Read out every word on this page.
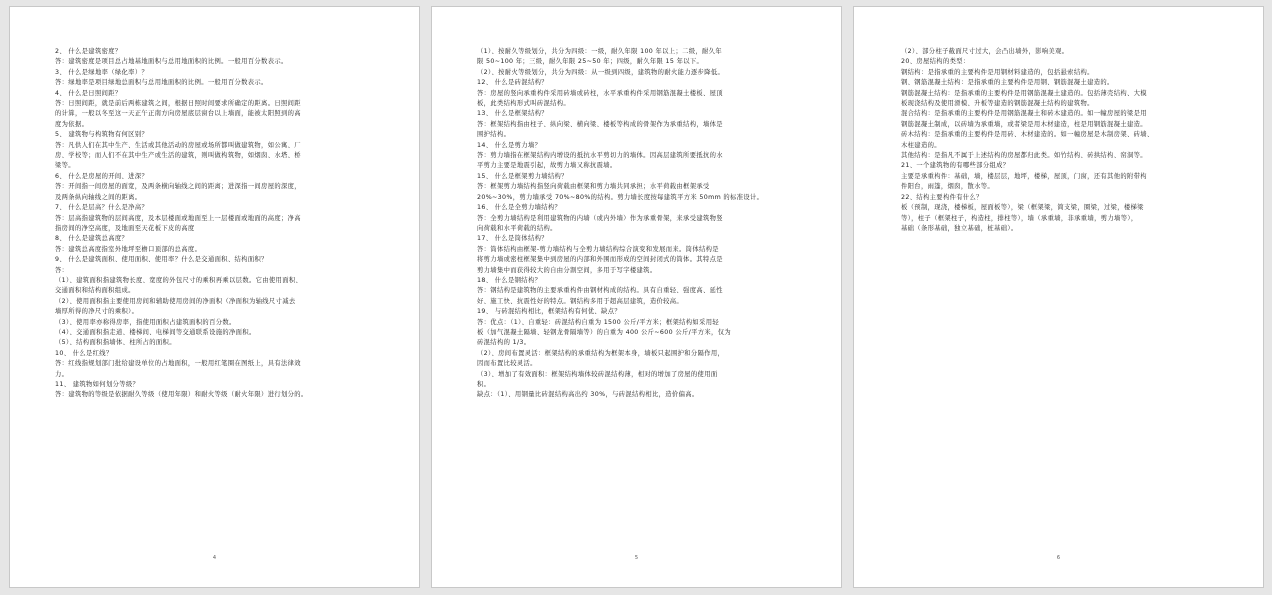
2、 什么是建筑密度？
答：建筑密度是项目总占地基地面积与总用地面积的比例。一般用百分数表示。
3、 什么是绿地率（绿化率）？
答：绿地率是项目绿地总面积与总用地面积的比例。一般用百分数表示。
4、 什么是日照间距？
答：日照间距，就是前后两栋建筑之间，根据日照时间要求所确定的距离。日照间距
的计算，一般以冬至这一天正午正南方向房屋底层窗台以上墙面，能被太阳照到的高
度为依据。
5、 建筑物与构筑物有何区别？
答：凡供人们在其中生产、生活或其他活动的房屋或场所都叫做建筑物，如公寓、厂
房、学校等；而人们不在其中生产或生活的建筑，则叫做构筑物，如烟囱、水塔、桥
梁等。
6、 什么是房屋的开间、进深？
答：开间指一间房屋的面宽，及两条横向轴线之间的距离；进深指一间房屋的深度，
及两条纵向轴线之间的距离。
7、 什么是层高？什么是净高？
答：层高指建筑物的层间高度，及本层楼面或地面至上一层楼面或地面的高度；净高
指房间的净空高度，及地面至天花板下皮的高度
8、 什么是建筑总高度？
答：建筑总高度指室外地坪至檐口顶部的总高度。
9、 什么是建筑面积、使用面积、使用率？什么是交通面积、结构面积？
答：
（1）、建筑面积指建筑物长度、宽度的外包尺寸的乘积再乘以层数。它由使用面积、
交通面积和结构面积组成。
（2）、使用面积指主要使用房间和辅助使用房间的净面积（净面积为轴线尺寸减去
墙厚所得的净尺寸的乘积）。
（3）、使用率亦称得房率，指使用面积占建筑面积的百分数。
（4）、交通面积指走道、楼梯间、电梯间等交通联系设施的净面积。
（5）、结构面积指墙体、柱所占的面积。
10、 什么是红线？
答：红线指规划部门批给建设单位的占地面积，一般用红笔圈在图纸上，具有法律效
力。
11、 建筑物如何划分等级？
答：建筑物的等级是依据耐久等级（使用年限）和耐火等级（耐火年限）进行划分的。
4
（1）、按耐久等级划分，共分为四级：一级，耐久年限 100 年以上；二级，耐久年
限 50~100 年；三级，耐久年限 25~50 年；四级，耐久年限 15 年以下。
（2）、按耐火等级划分，共分为四级：从一级到四级，建筑物的耐火能力逐步降低。
12、 什么是砖混结构？
答：房屋的竖向承重构件采用砖墙或砖柱，水平承重构件采用钢筋混凝土楼板、屋顶
板，此类结构形式叫砖混结构。
13、 什么是框架结构？
答：框架结构指由柱子、纵向梁、横向梁、楼板等构成的骨架作为承重结构，墙体是
围护结构。
14、 什么是剪力墙？
答：剪力墙指在框架结构内增设的抵抗水平剪切力的墙体。因高层建筑所要抵抗的水
平剪力主要是地震引起，故剪力墙又称抗震墙。
15、 什么是框架剪力墙结构？
答：框架剪力墙结构指竖向荷载由框架和剪力墙共同承担；水平荷载由框架承受
20%~30%，剪力墙承受 70%~80%的结构。剪力墙长度按每建筑平方米 50mm 的标准设计。
16、 什么是全剪力墙结构？
答：全剪力墙结构是利用建筑物的内墙（或内外墙）作为承重骨架，来承受建筑物竖
向荷载和水平荷载的结构。
17、 什么是筒体结构？
答：筒体结构由框架-剪力墙结构与全剪力墙结构综合演变和发展而来。筒体结构是
将剪力墙或密柱框架集中到房屋的内部和外围而形成的空间封闭式的筒体。其特点是
剪力墙集中而获得较大的自由分割空间，多用于写字楼建筑。
18、 什么是钢结构？
答：钢结构是建筑物的主要承重构件由钢材构成的结构。具有自重轻、强度高、延性
好、施工快、抗震性好的特点。钢结构多用于超高层建筑，造价较高。
19、 与砖混结构相比，框架结构有何优、缺点？
答：优点：（1）、自重轻：砖混结构自重为 1500 公斤/平方米；框架结构如采用轻
板（加气混凝土隔墙、轻钢龙骨隔墙等）的自重为 400 公斤~600 公斤/平方米，仅为
砖混结构的 1/3。
（2）、房间布置灵活：框架结构的承重结构为框架本身，墙板只起围护和分隔作用，
因而布置比较灵活。
（3）、增加了有效面积：框架结构墙体较砖混结构薄，相对的增加了房屋的使用面
积。
缺点：（1）、用钢量比砖混结构高出约 30%，与砖混结构相比，造价偏高。
5
（2）、部分柱子截面尺寸过大，会凸出墙外，影响美观。
20、房屋结构的类型：
钢结构：是指承重的主要构件是用钢材料建造的，包括悬索结构。
钢、钢筋混凝土结构：是指承重的主要构件是用钢、钢筋混凝土建造的。
钢筋混凝土结构：是指承重的主要构件是用钢筋混凝土建造的。包括薄壳结构、大模
板现浇结构及使用滑模、升板等建造的钢筋混凝土结构的建筑物。
混合结构：是指承重的主要构件是用钢筋混凝土和砖木建造的。如一幢房屋的梁是用
钢筋混凝土制成，以砖墙为承重墙，或者梁是用木材建造，柱是用钢筋混凝土建造。
砖木结构：是指承重的主要构件是用砖、木材建造的。如一幢房屋是木制房架、砖墙、
木柱建造的。
其他结构：是指凡不属于上述结构的房屋都归此类。如竹结构、砖拱结构、窑洞等。
21、一个建筑物的有哪些部分组成？
主要是承重构件：基础，墙，楼层层，地坪，楼梯，屋顶，门窗，还有其他的附带构
件阳台，雨篷，烟囱，散水等。
22、结构主要构件有什么？
板（预制，现浇，楼梯板，屋面板等），梁（框架梁，简支梁，圈梁，过梁，楼梯梁
等），柱子（框架柱子，构造柱，排柱等），墙（承重墙，非承重墙，剪力墙等），
基础（条形基础，独立基础，桩基础）。
6
